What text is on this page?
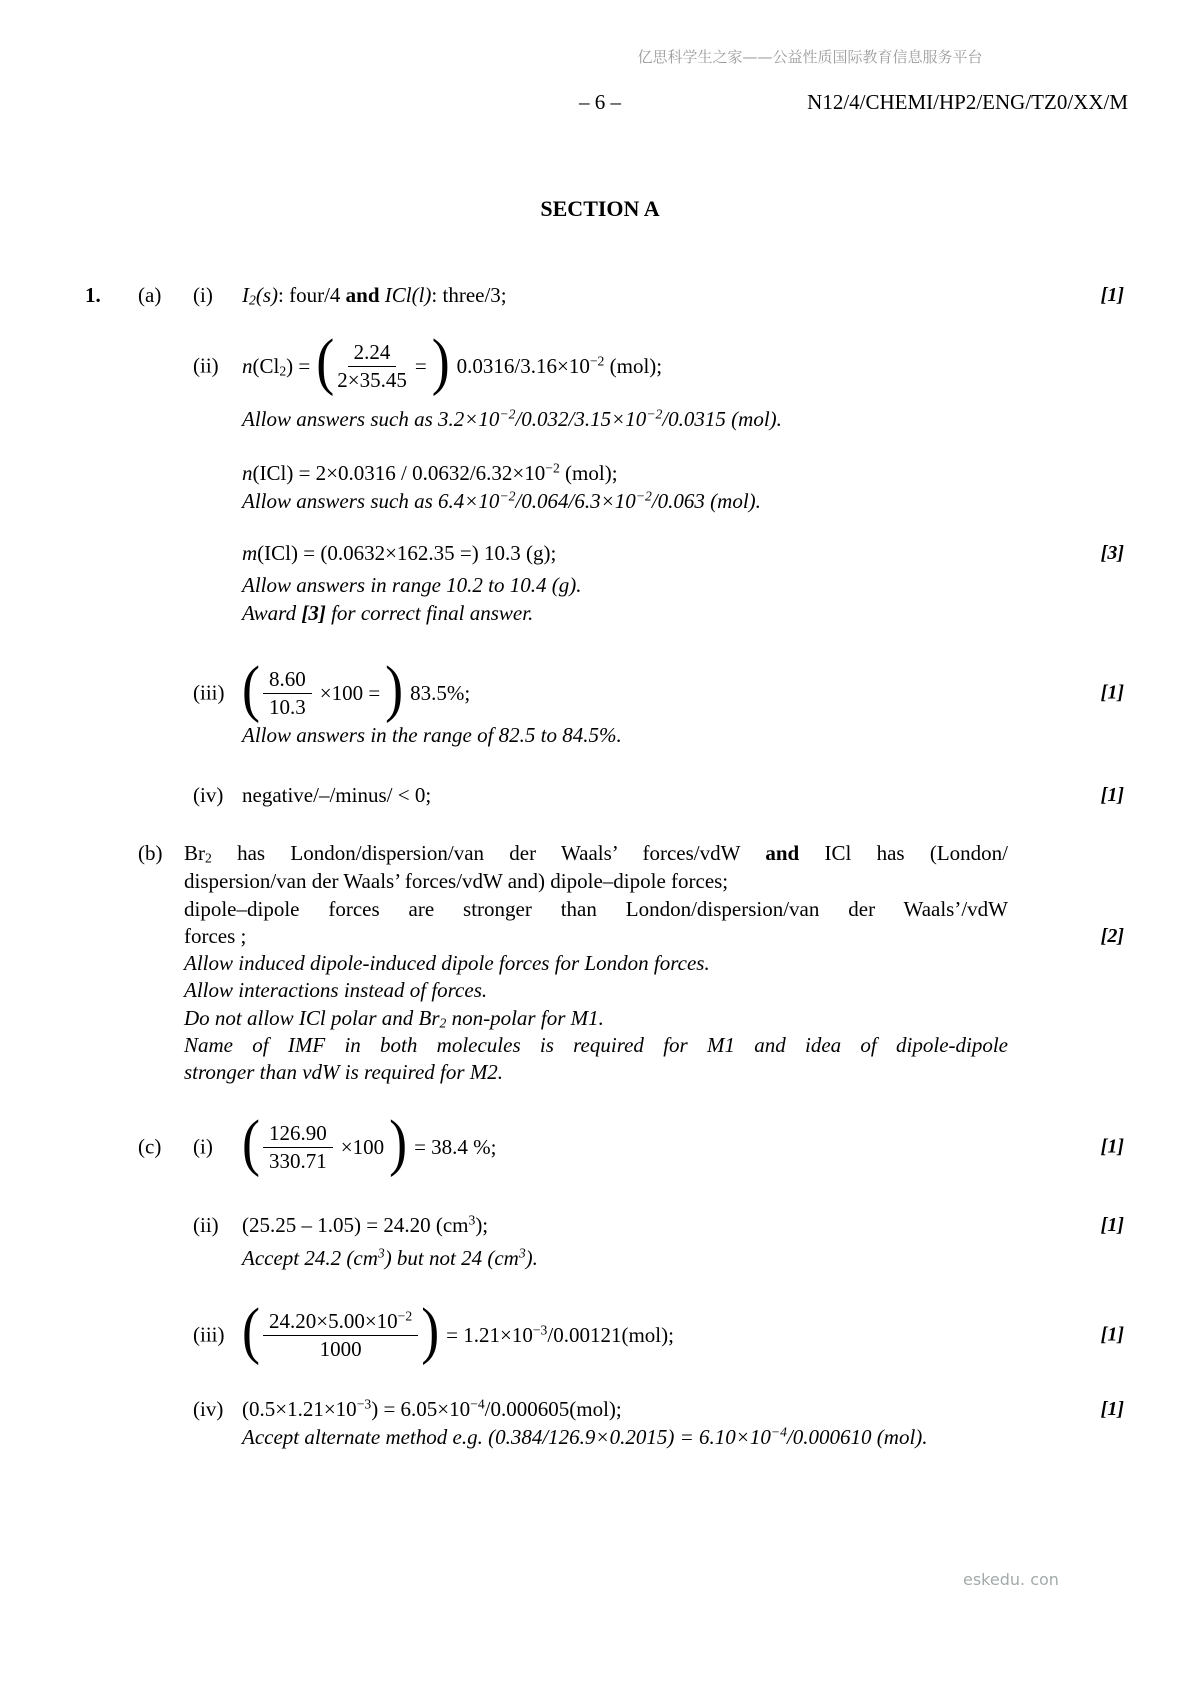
亿思科学生之家——公益性质国际教育信息服务平台
– 6 –	N12/4/CHEMI/HP2/ENG/TZ0/XX/M
SECTION A
1. (a) (i) $I_2(s)$: four/4 and ICl(l): three/3;	[1]
(ii) $n(Cl_2)$ = ( $\frac{2.24}{2\times 35.45}$ = ) $0.0316/3.16\times 10^{-2}$ (mol);
Allow answers such as $3.2\times 10^{-2}/0.032/3.15\times 10^{-2}/0.0315$ (mol).
$n(ICl) = 2\times 0.0316 / 0.0632/6.32\times 10^{-2}$ (mol);
Allow answers such as $6.4\times 10^{-2}/0.064/6.3\times 10^{-2}/0.063$ (mol).
m(ICl) = (0.0632×162.35 =) 10.3 (g);	[3]
Allow answers in range 10.2 to 10.4 (g).
Award [3] for correct final answer.
(iii) ( $\frac{8.60}{10.3} \times 100$ = ) 83.5%;	[1]
Allow answers in the range of 82.5 to 84.5%.
(iv) negative/–/minus/ < 0;	[1]
(b) $Br_2$ has London/dispersion/van der Waals’ forces/vdW and ICl has (London/
dispersion/van der Waals’ forces/vdW and) dipole–dipole forces;
dipole–dipole forces are stronger than London/dispersion/van der Waals’/vdW
forces ;	[2]
Allow induced dipole-induced dipole forces for London forces.
Allow interactions instead of forces.
Do not allow ICl polar and $Br_2$ non-polar for M1.
Name of IMF in both molecules is required for M1 and idea of dipole-dipole
stronger than vdW is required for M2.
(c) (i) ( $\frac{126.90}{330.71} \times 100$ ) = 38.4 %;	[1]
(ii) (25.25 – 1.05) = 24.20 $(cm^3)$;	[1]
Accept 24.2 $(cm^3)$ but not 24 $(cm^3)$.
(iii) ( $\frac{24.20\times 5.00\times 10^{-2}}{1000}$ ) = $1.21\times 10^{-3}/0.00121(mol)$;	[1]
(iv) $(0.5\times 1.21\times 10^{-3}) = 6.05\times 10^{-4}/0.000605(mol)$;	[1]
Accept alternate method e.g. $(0.384/126.9\times 0.2015) = 6.10\times 10^{-4}/0.000610$ (mol).
eskedu. con
